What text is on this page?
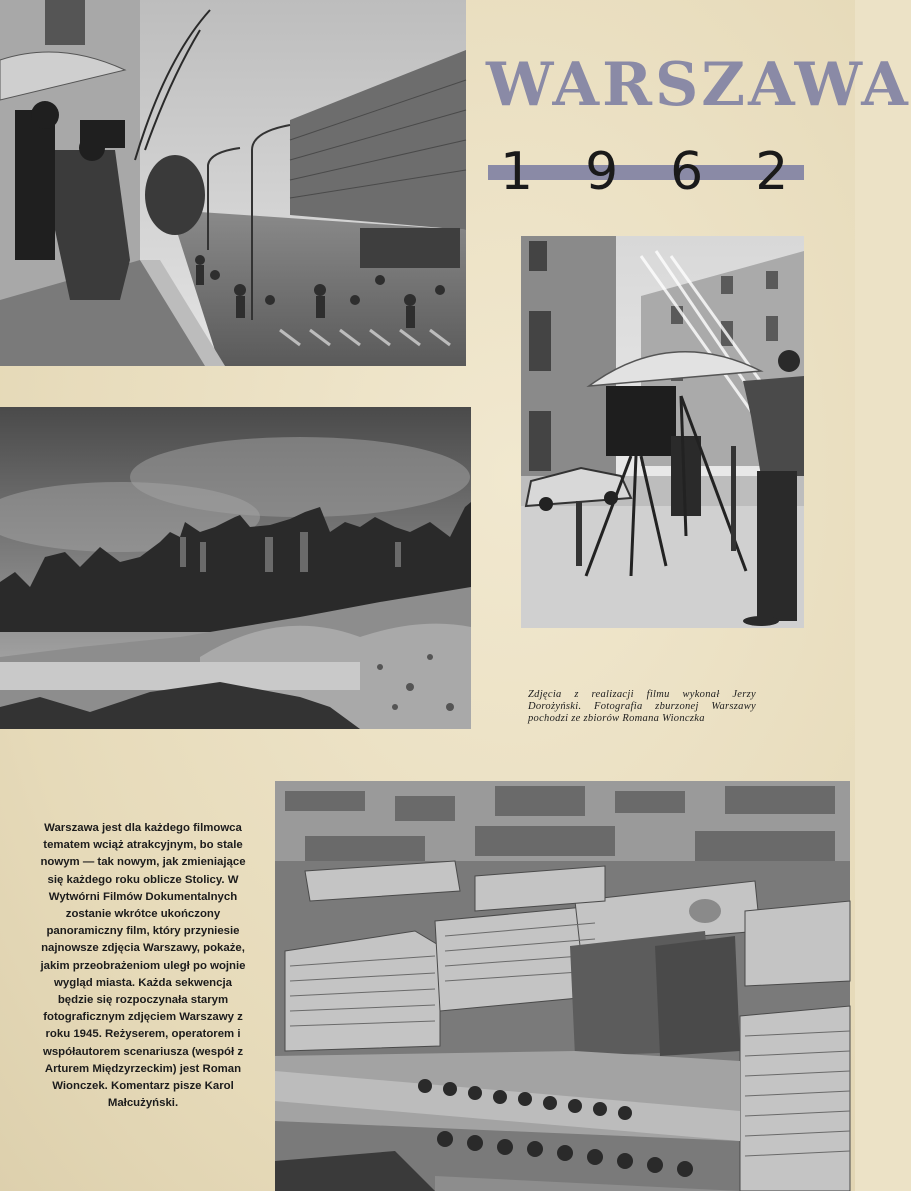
WARSZAWA
1962
Zdjęcia z realizacji filmu wykonał Jerzy Dorożyński. Fotografia zburzonej Warszawy pochodzi ze zbiorów Romana Wionczka
Warszawa jest dla każdego filmowca tematem wciąż atrakcyjnym, bo stale nowym — tak nowym, jak zmieniające się każdego roku oblicze Stolicy. W Wytwórni Filmów Dokumentalnych zostanie wkrótce ukończony panoramiczny film, który przyniesie najnowsze zdjęcia Warszawy, pokaże, jakim przeobrażeniom uległ po wojnie wygląd miasta. Każda sekwencja będzie się rozpoczynała starym fotograficznym zdjęciem Warszawy z roku 1945. Reżyserem, operatorem i współautorem scenariusza (wespół z Arturem Międzyrzeckim) jest Roman Wionczek. Komentarz pisze Karol Małcużyński.
